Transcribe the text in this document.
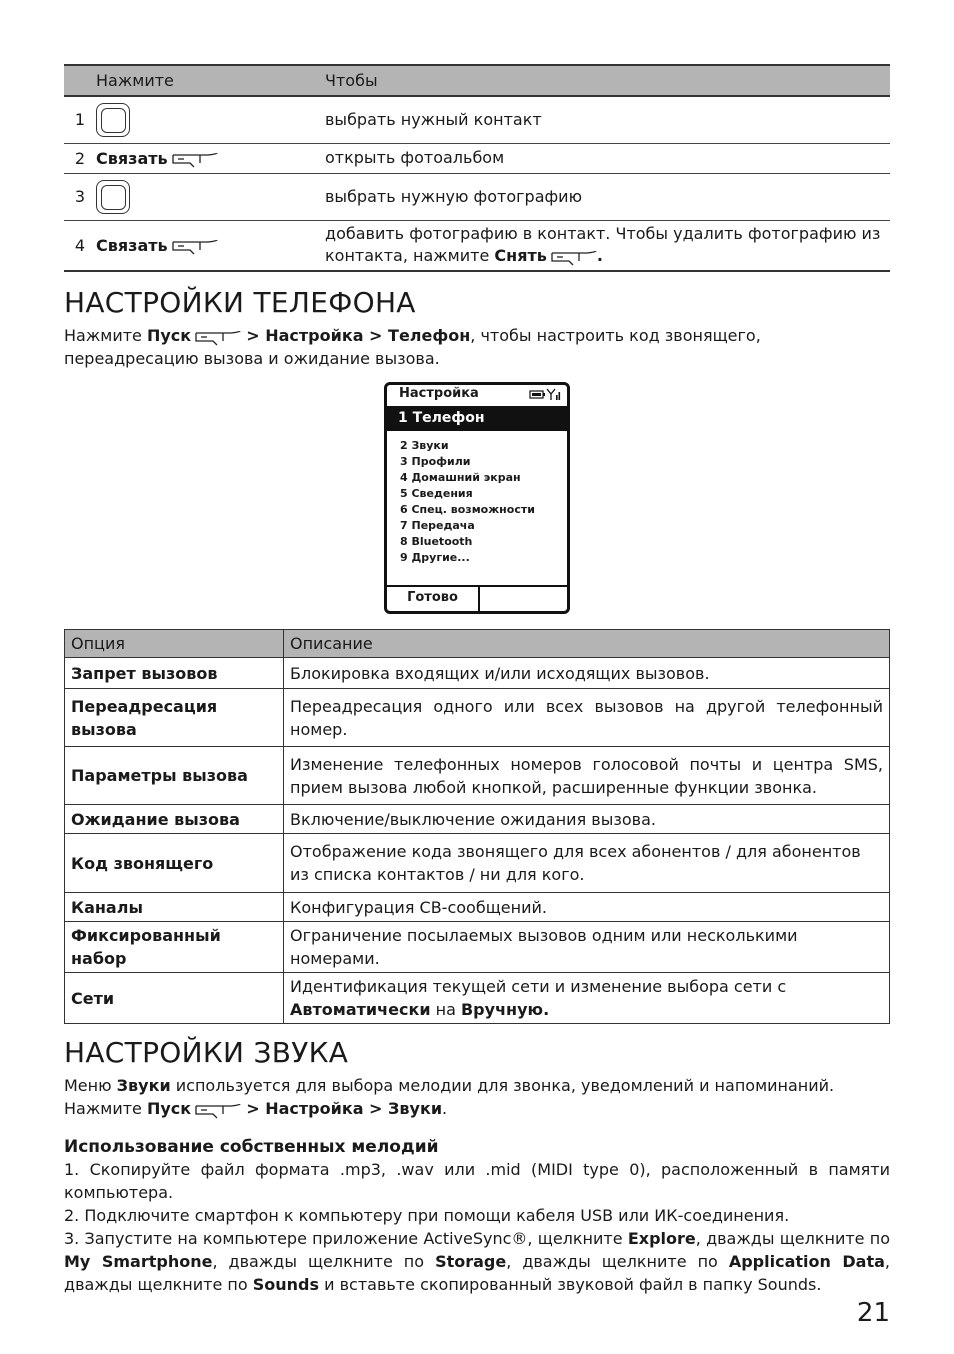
	Нажмите	Чтобы
1		выбрать нужный контакт
2	Связать	открыть фотоальбом
3		выбрать нужную фотографию
4	Связать	добавить фотографию в контакт. Чтобы удалить фотографию из контакта, нажмите Снять .
НАСТРОЙКИ ТЕЛЕФОНА

Нажмите Пуск	> Настройка > Телефон, чтобы настроить код звонящего, переадресацию вызова и ожидание вызова.

Настройка
1 Телефон
2 Звуки
3 Профили
4 Домашний экран
5 Сведения
6 Спец. возможности
7 Передача
8 Bluetooth
9 Другие...
Готово
Опция	Описание
Запрет вызовов	Блокировка входящих и/или исходящих вызовов.
Переадресация вызова	Переадресация одного или всех вызовов на другой телефонный номер.
Параметры вызова	Изменение телефонных номеров голосовой почты и центра SMS, прием вызова любой кнопкой, расширенные функции звонка.
Ожидание вызова	Включение/выключение ожидания вызова.
Код звонящего	Отображение кода звонящего для всех абонентов / для абонентов из списка контактов / ни для кого.
Каналы	Конфигурация CB-сообщений.
Фиксированный набор	Ограничение посылаемых вызовов одним или несколькими номерами.
Сети	Идентификация текущей сети и изменение выбора сети с
Автоматически на Вручную.
НАСТРОЙКИ ЗВУКА

Меню Звуки используется для выбора мелодии для звонка, уведомлений и напоминаний.

Нажмите Пуск	> Настройка > Звуки.

Использование собственных мелодий

1. Скопируйте файл формата .mp3, .wav или .mid (MIDI type 0), расположенный в памяти компьютера.

2. Подключите смартфон к компьютеру при помощи кабеля USB или ИК-соединения.

3. Запустите на компьютере приложение ActiveSync®, щелкните Explore, дважды щелкните по My Smartphone, дважды щелкните по Storage, дважды щелкните по Application Data, дважды щелкните по Sounds и вставьте скопированный звуковой файл в папку Sounds.

21
